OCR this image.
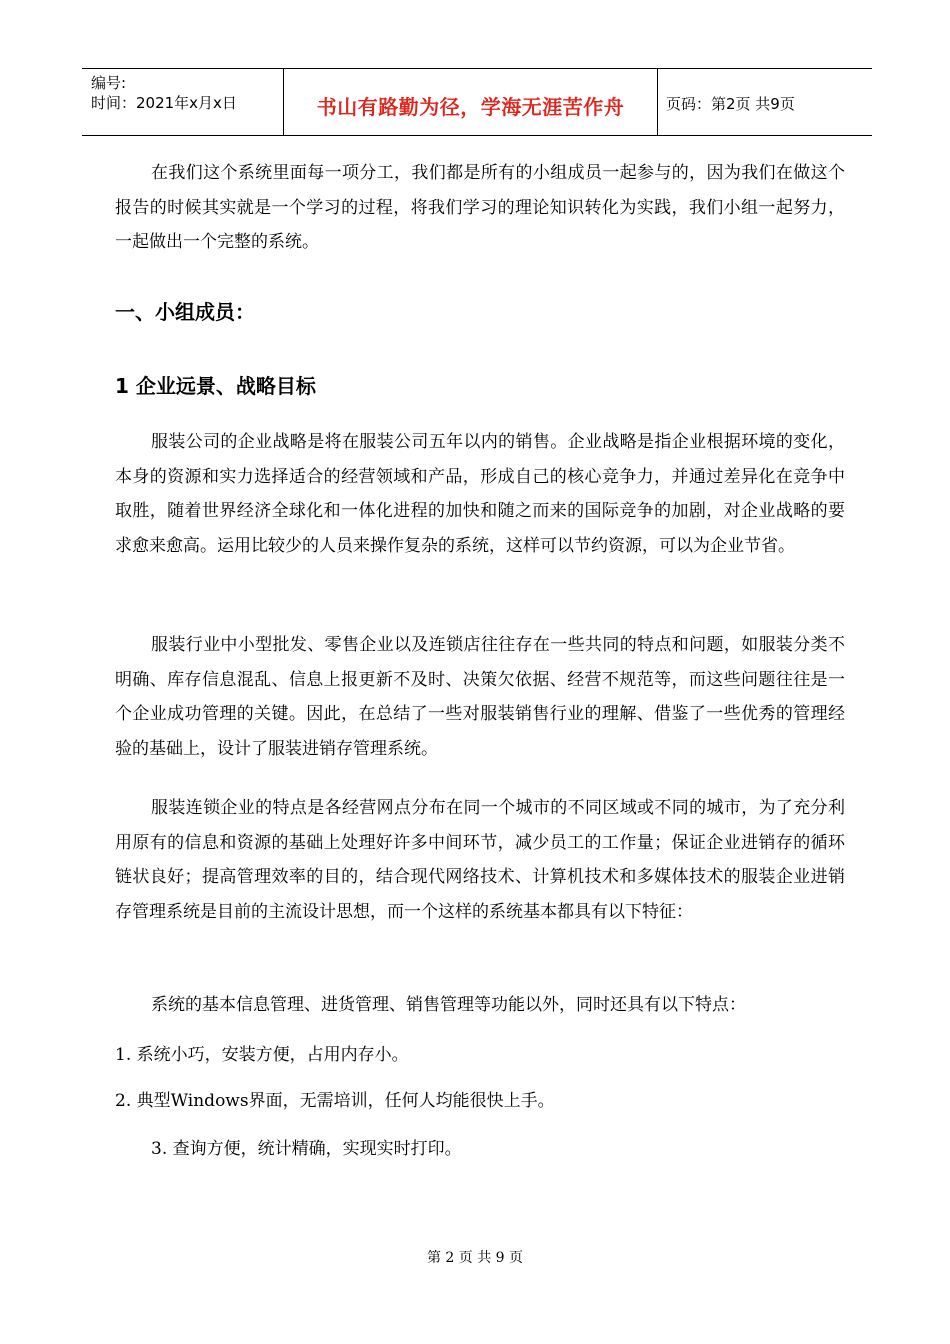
编号:
时间：2021年x月x日	书山有路勤为径，学海无涯苦作舟	页码：第2页 共9页

在我们这个系统里面每一项分工，我们都是所有的小组成员一起参与的，因为我们在做这个报告的时候其实就是一个学习的过程，将我们学习的理论知识转化为实践，我们小组一起努力，一起做出一个完整的系统。

一、小组成员：
1 企业远景、战略目标

服装公司的企业战略是将在服装公司五年以内的销售。企业战略是指企业根据环境的变化，本身的资源和实力选择适合的经营领域和产品，形成自己的核心竞争力，并通过差异化在竞争中取胜，随着世界经济全球化和一体化进程的加快和随之而来的国际竞争的加剧，对企业战略的要求愈来愈高。运用比较少的人员来操作复杂的系统，这样可以节约资源，可以为企业节省。

服装行业中小型批发、零售企业以及连锁店往往存在一些共同的特点和问题，如服装分类不明确、库存信息混乱、信息上报更新不及时、决策欠依据、经营不规范等，而这些问题往往是一个企业成功管理的关键。因此，在总结了一些对服装销售行业的理解、借鉴了一些优秀的管理经验的基础上，设计了服装进销存管理系统。

服装连锁企业的特点是各经营网点分布在同一个城市的不同区域或不同的城市，为了充分利用原有的信息和资源的基础上处理好许多中间环节，减少员工的工作量；保证企业进销存的循环链状良好；提高管理效率的目的，结合现代网络技术、计算机技术和多媒体技术的服装企业进销存管理系统是目前的主流设计思想，而一个这样的系统基本都具有以下特征：

系统的基本信息管理、进货管理、销售管理等功能以外，同时还具有以下特点：

1. 系统小巧，安装方便，占用内存小。
2. 典型Windows界面，无需培训，任何人均能很快上手。
3. 查询方便，统计精确，实现实时打印。
第 2 页 共 9 页
